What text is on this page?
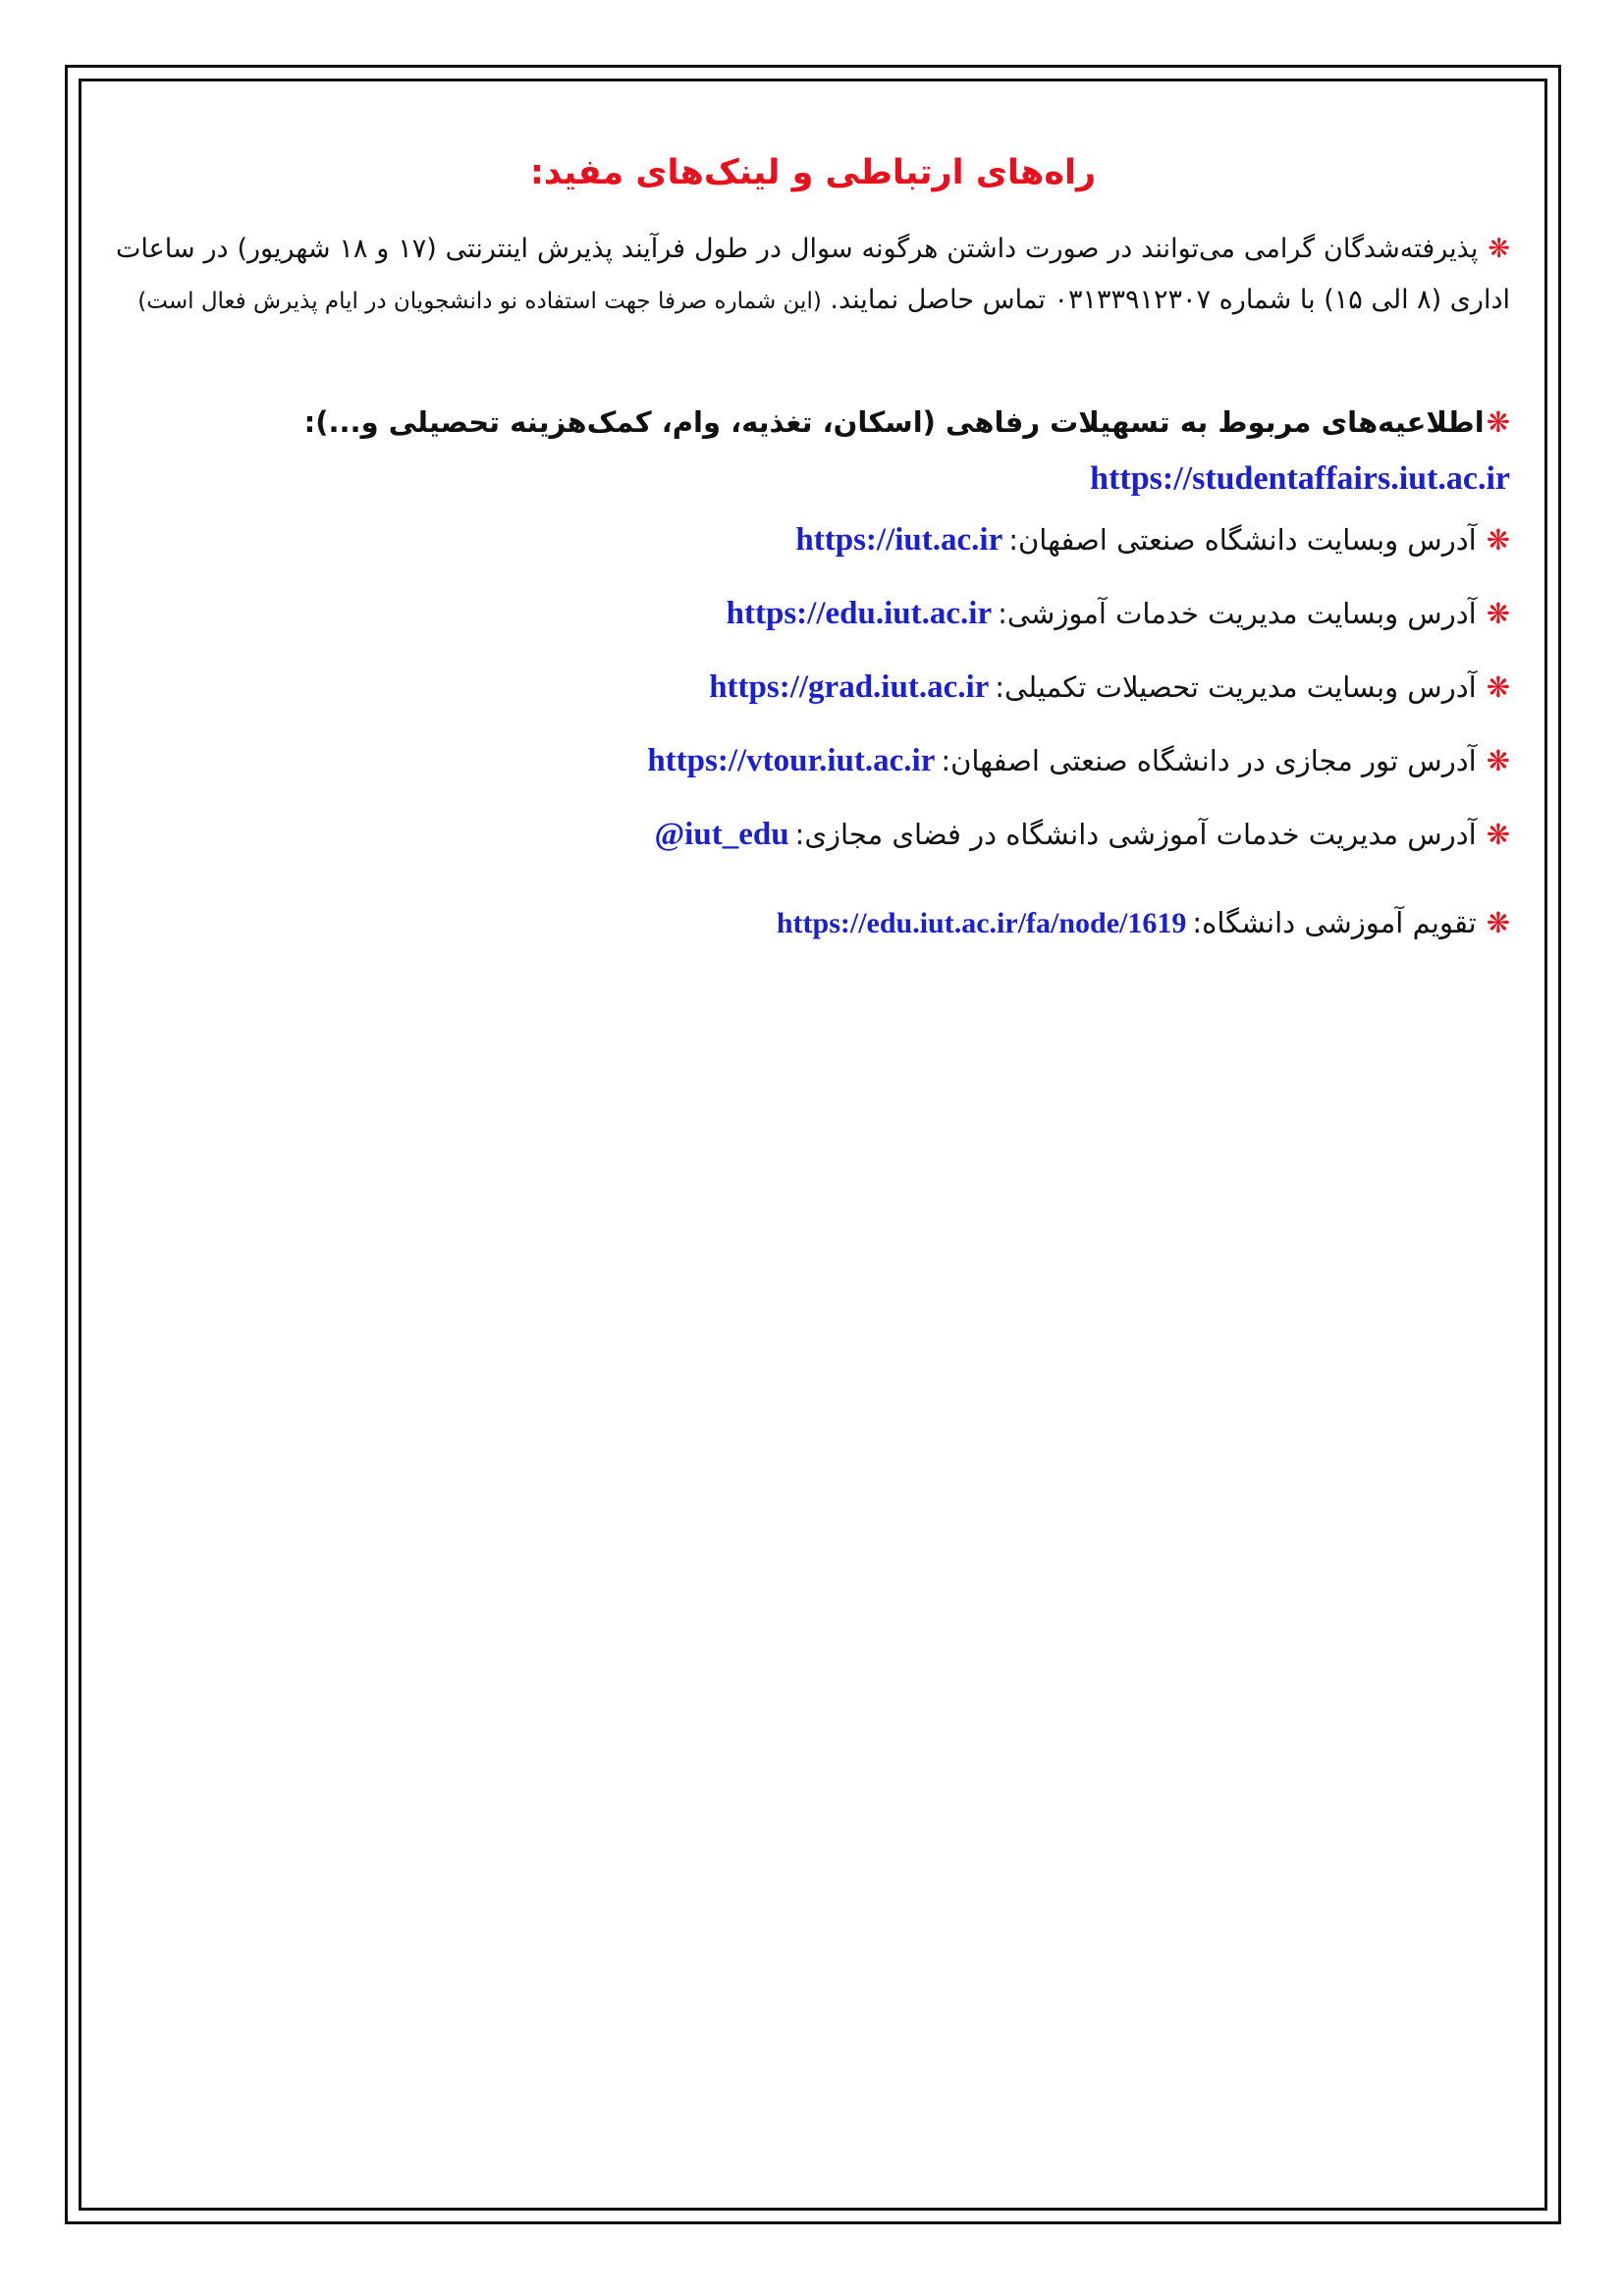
راه‌های ارتباطی و لینک‌های مفید:
❋پذیرفته‌شدگان گرامی می‌توانند در صورت داشتن هرگونه سوال در طول فرآیند پذیرش اینترنتی (۱۷ و ۱۸ شهریور) در ساعات اداری (۸ الی ۱۵) با شماره ۰۳۱۳۳۹۱۲۳۰۷ تماس حاصل نمایند. (این شماره صرفا جهت استفاده نو دانشجویان در ایام پذیرش فعال است)
❋اطلاعیه‌های مربوط به تسهیلات رفاهی (اسکان، تغذیه، وام، کمک‌هزینه تحصیلی و...):
https://studentaffairs.iut.ac.ir
❋آدرس وبسایت دانشگاه صنعتی اصفهان:https://iut.ac.ir
❋آدرس وبسایت مدیریت خدمات آموزشی:https://edu.iut.ac.ir
❋آدرس وبسایت مدیریت تحصیلات تکمیلی:https://grad.iut.ac.ir
❋آدرس تور مجازی در دانشگاه صنعتی اصفهان:https://vtour.iut.ac.ir
❋آدرس مدیریت خدمات آموزشی دانشگاه در فضای مجازی:@iut_edu
❋تقویم آموزشی دانشگاه:https://edu.iut.ac.ir/fa/node/1619
